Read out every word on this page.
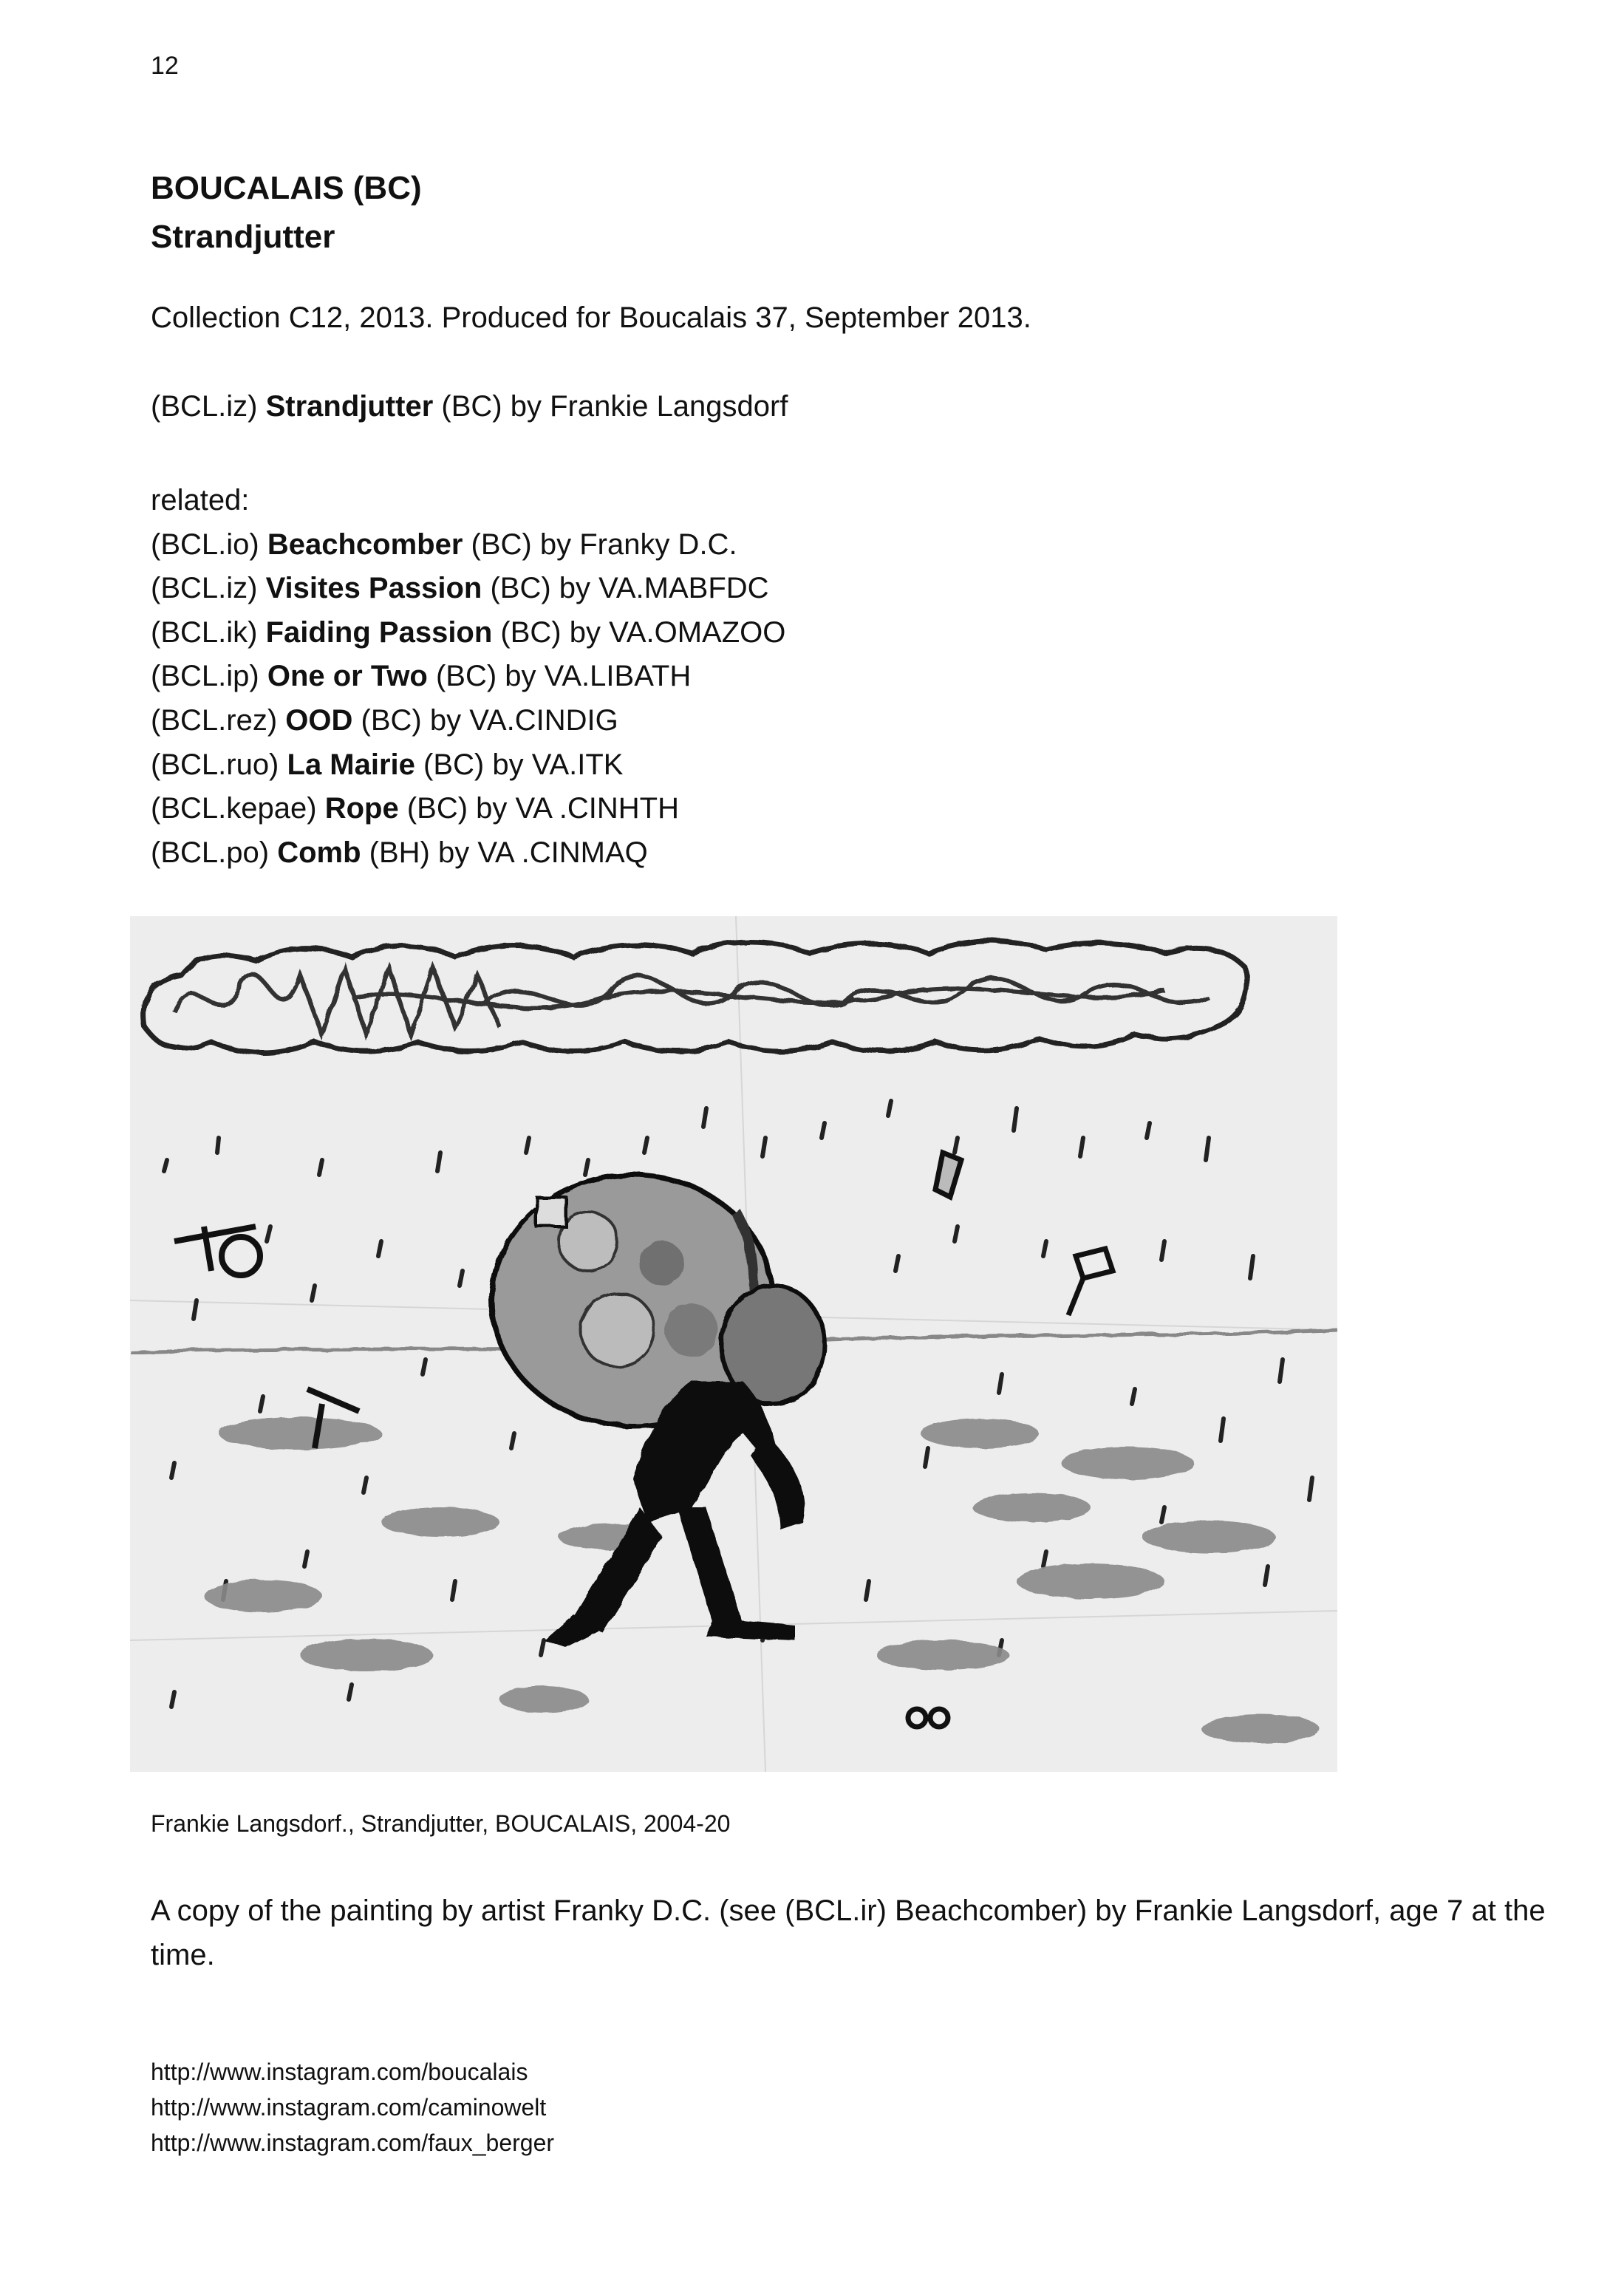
12
BOUCALAIS (BC)
Strandjutter
Collection C12, 2013. Produced for Boucalais 37, September 2013.
(BCL.iz) Strandjutter (BC) by Frankie Langsdorf
related:
(BCL.io) Beachcomber (BC) by Franky D.C.
(BCL.iz) Visites Passion (BC) by VA.MABFDC
(BCL.ik) Faiding Passion (BC) by VA.OMAZOO
(BCL.ip) One or Two (BC) by VA.LIBATH
(BCL.rez) OOD (BC) by VA.CINDIG
(BCL.ruo) La Mairie (BC) by VA.ITK
(BCL.kepae) Rope (BC) by VA .CINHTH
(BCL.po) Comb (BH) by VA .CINMAQ
Frankie Langsdorf., Strandjutter, BOUCALAIS, 2004-20
A copy of the painting by artist Franky D.C. (see (BCL.ir) Beachcomber) by Frankie Langsdorf, age 7 at the time.
http://www.instagram.com/boucalais
http://www.instagram.com/caminowelt
http://www.instagram.com/faux_berger
